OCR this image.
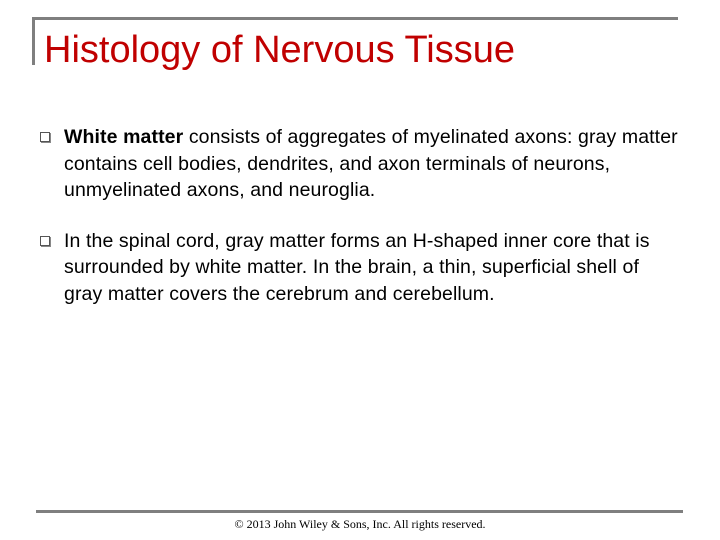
Histology of Nervous Tissue
White matter consists of aggregates of myelinated axons: gray matter contains cell bodies, dendrites, and axon terminals of neurons, unmyelinated axons, and neuroglia.
In the spinal cord, gray matter forms an H-shaped inner core that is surrounded by white matter. In the brain, a thin, superficial shell of gray matter covers the cerebrum and cerebellum.
© 2013 John Wiley & Sons, Inc. All rights reserved.
